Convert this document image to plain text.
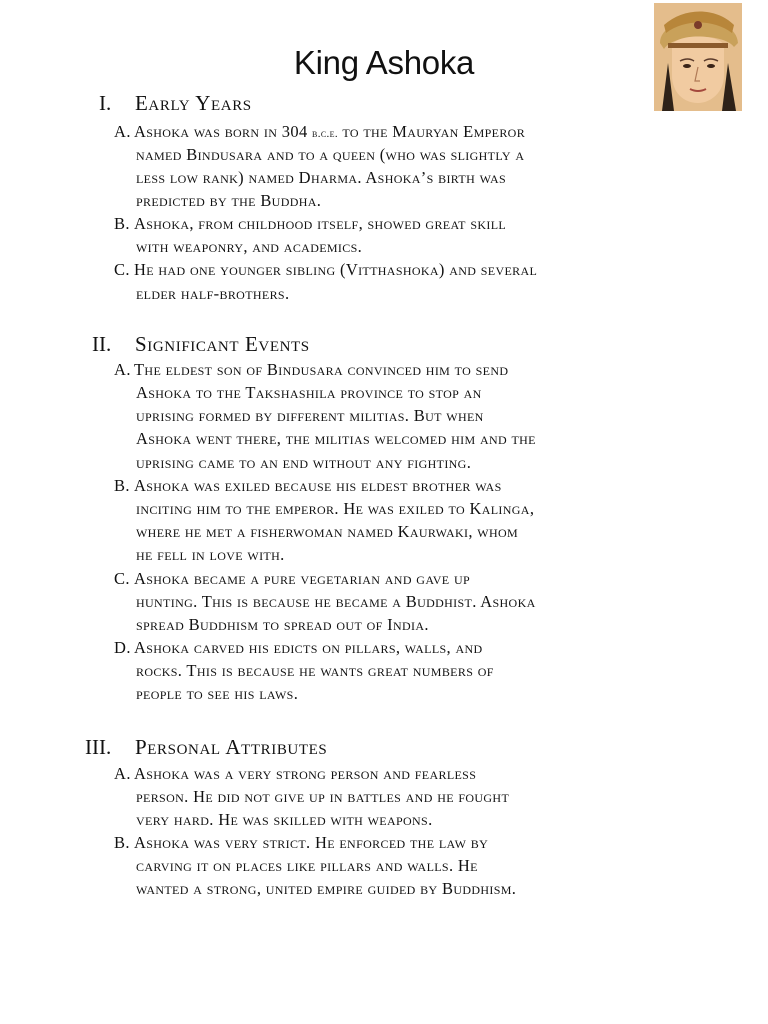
King Ashoka
I. Early Years
A. Ashoka was born in 304 b.c.e. to the Mauryan Emperor
named Bindusara and to a queen (who was slightly a
less low rank) named Dharma. Ashoka’s birth was
predicted by the Buddha.
B. Ashoka, from childhood itself, showed great skill
with weaponry, and academics.
C. He had one younger sibling (Vitthashoka) and several
elder half-brothers.
II. Significant Events
A. The eldest son of Bindusara convinced him to send
Ashoka to the Takshashila province to stop an
uprising formed by different militias. But when
Ashoka went there, the militias welcomed him and the
uprising came to an end without any fighting.
B. Ashoka was exiled because his eldest brother was
inciting him to the emperor. He was exiled to Kalinga,
where he met a fisherwoman named Kaurwaki, whom
he fell in love with.
C. Ashoka became a pure vegetarian and gave up
hunting. This is because he became a Buddhist. Ashoka
spread Buddhism to spread out of India.
D. Ashoka carved his edicts on pillars, walls, and
rocks. This is because he wants great numbers of
people to see his laws.
III. Personal Attributes
A. Ashoka was a very strong person and fearless
person. He did not give up in battles and he fought
very hard. He was skilled with weapons.
B. Ashoka was very strict. He enforced the law by
carving it on places like pillars and walls. He
wanted a strong, united empire guided by Buddhism.
